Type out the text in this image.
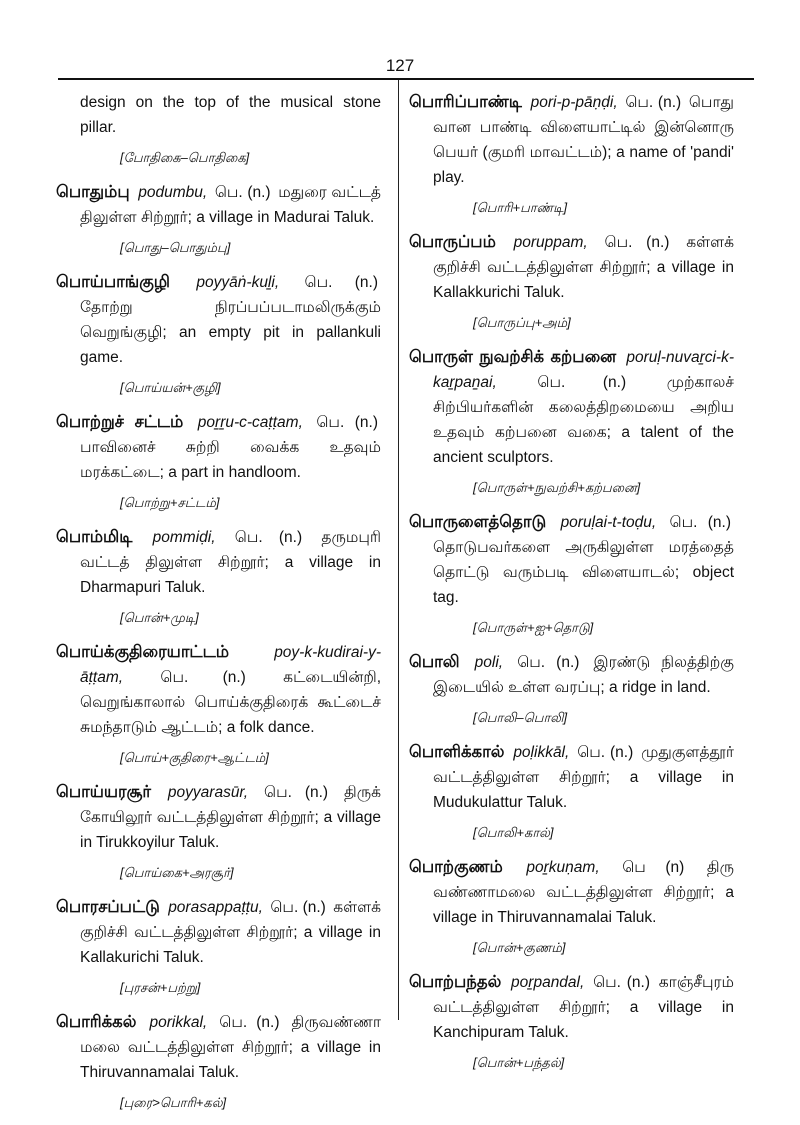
127

design on the top of the musical stone pillar.

[போதிகை–பொதிகை]

பொதும்பு podumbu, பெ. (n.) மதுரை வட்டத் திலுள்ள சிற்றூர்; a village in Madurai Taluk.

[பொது–பொதும்பு]

பொய்பாங்குழி poyyāṅ-kuḻi, பெ. (n.) தோற்று நிரப்பப்படாமலிருக்கும் வெறுங்குழி; an empty pit in pallankuli game.

[பொய்யன்+குழி]

பொற்றுச் சட்டம் poṟṟu-c-caṭṭam, பெ. (n.) பாவினைச் சுற்றி வைக்க உதவும் மரக்கட்டை; a part in handloom.

[பொற்று+சட்டம்]

பொம்மிடி pommiḍi, பெ. (n.) தருமபுரி வட்டத் திலுள்ள சிற்றூர்; a village in Dharmapuri Taluk.

[பொன்+முடி]

பொய்க்குதிரையாட்டம்	poy-k-kudirai-y-āṭṭam, பெ. (n.) கட்டையின்றி, வெறுங்காலால் பொய்க்குதிரைக் கூட்டைச் சுமந்தாடும் ஆட்டம்; a folk dance.

[பொய்+குதிரை+ஆட்டம்]

பொய்யரசூர் poyyarasūr, பெ. (n.) திருக் கோயிலூர் வட்டத்திலுள்ள சிற்றூர்; a village in Tirukkoyilur Taluk.

[பொய்கை+அரசூர்]

பொரசப்பட்டு porasappaṭṭu, பெ. (n.) கள்ளக் குறிச்சி வட்டத்திலுள்ள சிற்றூர்; a village in Kallakurichi Taluk.

[புரசன்+பற்று]

பொரிக்கல் porikkal, பெ. (n.) திருவண்ணா மலை வட்டத்திலுள்ள சிற்றூர்; a village in Thiruvannamalai Taluk.

[புரை>பொரி+கல்]

பொரிப்பாண்டி pori-p-pāṇḍi, பெ. (n.) பொது வான பாண்டி விளையாட்டில் இன்னொரு பெயர் (குமரி மாவட்டம்); a name of 'pandi' play.

[பொரி+பாண்டி]

பொருப்பம் poruppam, பெ. (n.) கள்ளக் குறிச்சி வட்டத்திலுள்ள சிற்றூர்; a village in Kallakkurichi Taluk.

[பொருப்பு+அம்]

பொருள் நுவற்சிக் கற்பனை poruḷ-nuvaṟci-k-kaṟpaṉai,	பெ. (n.)	முற்காலச் சிற்பியர்களின் கலைத்திறமையை அறிய உதவும் கற்பனை வகை; a talent of the ancient sculptors.

[பொருள்+நுவற்சி+கற்பனை]

பொருளைத்தொடு poruḷai-t-toḍu, பெ. (n.) தொடுபவர்களை அருகிலுள்ள மரத்தைத் தொட்டு வரும்படி விளையாடல்; object tag.

[பொருள்+ஐ+தொடு]

பொலி poli, பெ. (n.) இரண்டு நிலத்திற்கு இடையில் உள்ள வரப்பு; a ridge in land.

[பொலி–பொலி]

பொளிக்கால் poḷikkāl, பெ. (n.) முதுகுளத்தூர் வட்டத்திலுள்ள சிற்றூர்; a village in Mudukulattur Taluk.

[பொலி+கால்]

பொற்குணம் poṟkuṇam, பெ (n) திரு வண்ணாமலை வட்டத்திலுள்ள சிற்றூர்; a village in Thiruvannamalai Taluk.

[பொன்+குணம்]

பொற்பந்தல் poṟpandal, பெ. (n.) காஞ்சீபுரம் வட்டத்திலுள்ள சிற்றூர்; a village in Kanchipuram Taluk.

[பொன்+பந்தல்]
